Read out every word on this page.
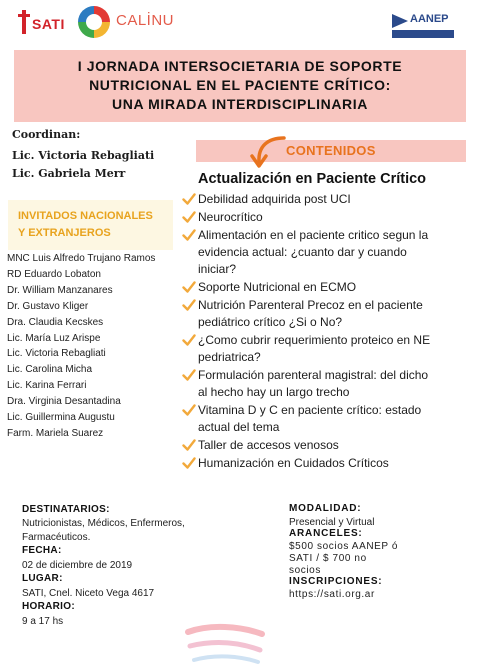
SATI	CALİNU	AANEP
I JORNADA INTERSOCIETARIA DE SOPORTE
NUTRICIONAL EN EL PACIENTE CRÍTICO:
UNA MIRADA INTERDISCIPLINARIA
Coordinan:
Lic. Victoria Rebagliati
Lic. Gabriela Merr
CONTENIDOS
Actualización en Paciente Crítico
Debilidad adquirida post UCI
Neurocrítico
Alimentación en el paciente critico segun la
evidencia actual: ¿cuanto dar y cuando
iniciar?
Soporte Nutricional en ECMO
Nutrición Parenteral Precoz en el paciente
pediátrico crítico ¿Si o No?
¿Como cubrir requerimiento proteico en NE
pedriatrica?
Formulación parenteral magistral: del dicho
al hecho hay un largo trecho
Vitamina D y C en paciente crítico: estado
actual del tema
Taller de accesos venosos
Humanización en Cuidados Críticos
INVITADOS NACIONALES
Y EXTRANJEROS
MNC Luis Alfredo Trujano Ramos
RD Eduardo Lobaton
Dr. William Manzanares
Dr. Gustavo Kliger
Dra. Claudia Kecskes
Lic. María Luz Arispe
Lic. Victoria Rebagliati
Lic. Carolina Micha
Lic. Karina Ferrari
Dra. Virginia Desantadina
Lic. Guillermina Augustu
Farm. Mariela Suarez
DESTINATARIOS:
Nutricionistas, Médicos, Enfermeros,
Farmacéuticos.
FECHA:
02 de diciembre de 2019
LUGAR:
SATI, Cnel. Niceto Vega 4617
HORARIO:
9 a 17 hs
MODALIDAD:
Presencial y Virtual
ARANCELES:
$500 socios AANEP ó
SATI / $ 700 no
socios
INSCRIPCIONES:
https://sati.org.ar
